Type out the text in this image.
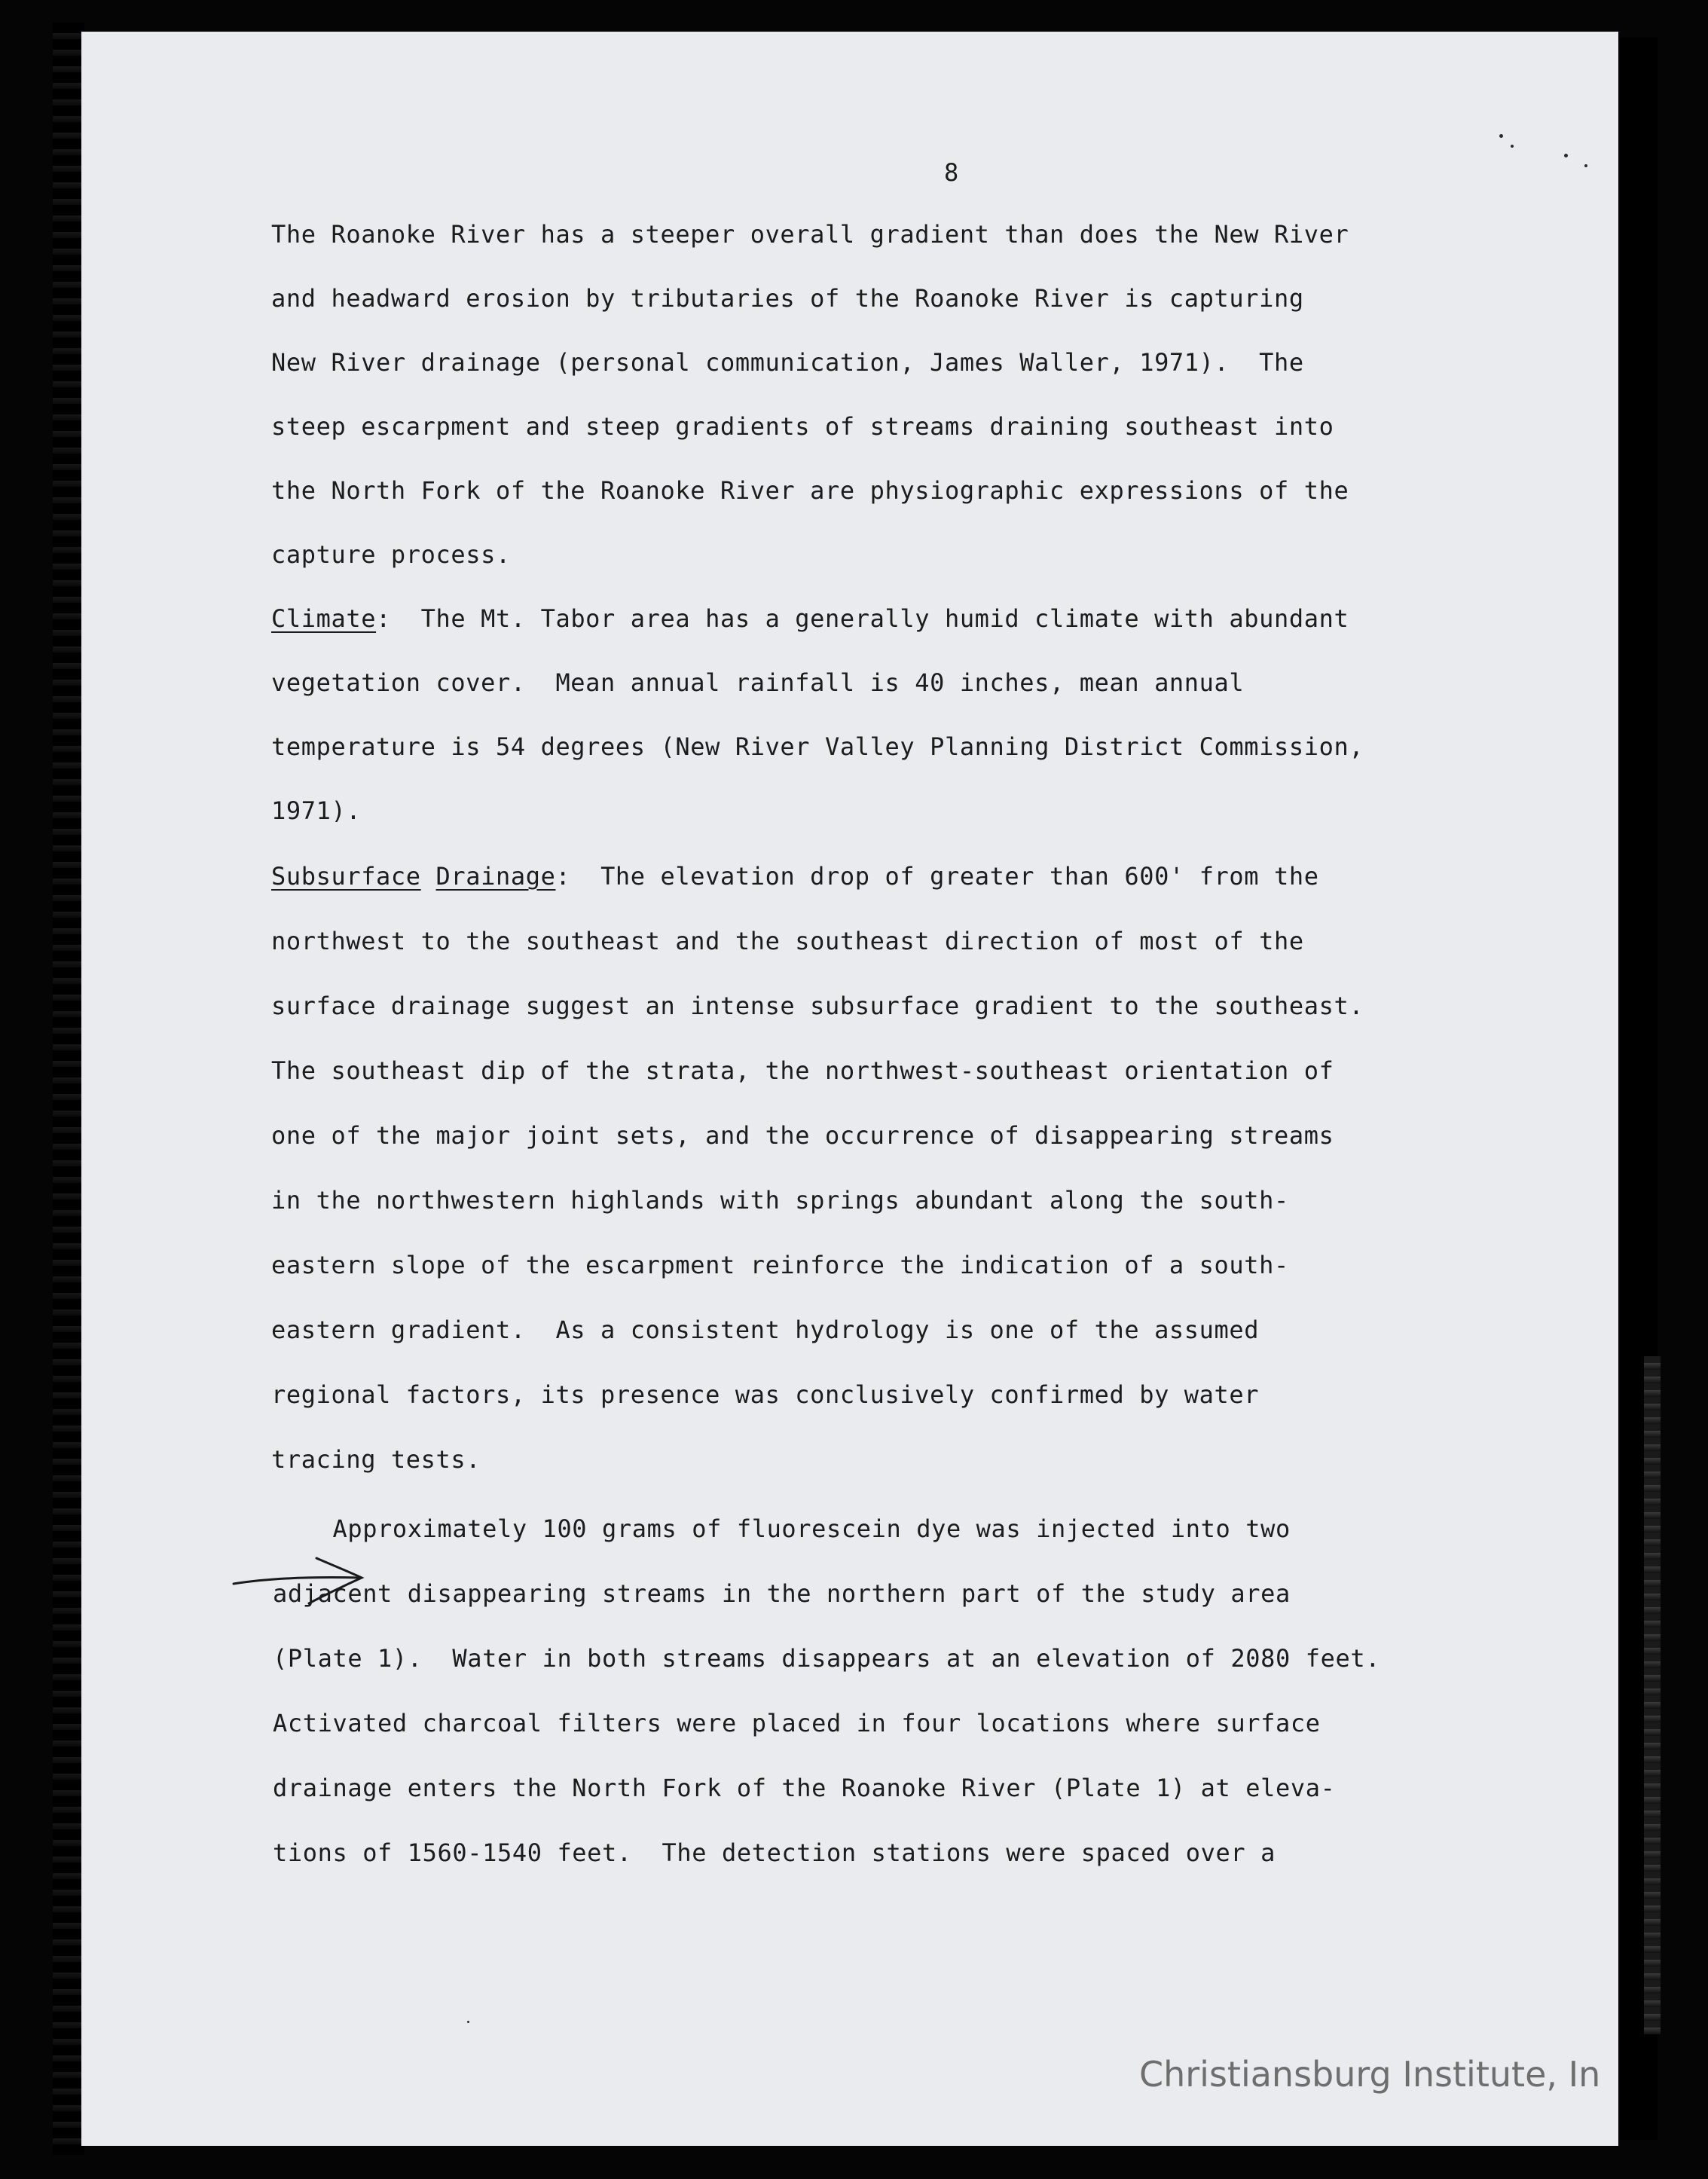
8
The Roanoke River has a steeper overall gradient than does the New River
and headward erosion by tributaries of the Roanoke River is capturing
New River drainage (personal communication, James Waller, 1971).  The
steep escarpment and steep gradients of streams draining southeast into
the North Fork of the Roanoke River are physiographic expressions of the
capture process.
Climate:  The Mt. Tabor area has a generally humid climate with abundant
vegetation cover.  Mean annual rainfall is 40 inches, mean annual
temperature is 54 degrees (New River Valley Planning District Commission,
1971).
Subsurface Drainage:  The elevation drop of greater than 600' from the
northwest to the southeast and the southeast direction of most of the
surface drainage suggest an intense subsurface gradient to the southeast.
The southeast dip of the strata, the northwest-southeast orientation of
one of the major joint sets, and the occurrence of disappearing streams
in the northwestern highlands with springs abundant along the south-
eastern slope of the escarpment reinforce the indication of a south-
eastern gradient.  As a consistent hydrology is one of the assumed
regional factors, its presence was conclusively confirmed by water
tracing tests.
Approximately 100 grams of fluorescein dye was injected into two
adjacent disappearing streams in the northern part of the study area
(Plate 1).  Water in both streams disappears at an elevation of 2080 feet.
Activated charcoal filters were placed in four locations where surface
drainage enters the North Fork of the Roanoke River (Plate 1) at eleva-
tions of 1560-1540 feet.  The detection stations were spaced over a
Christiansburg Institute, In
